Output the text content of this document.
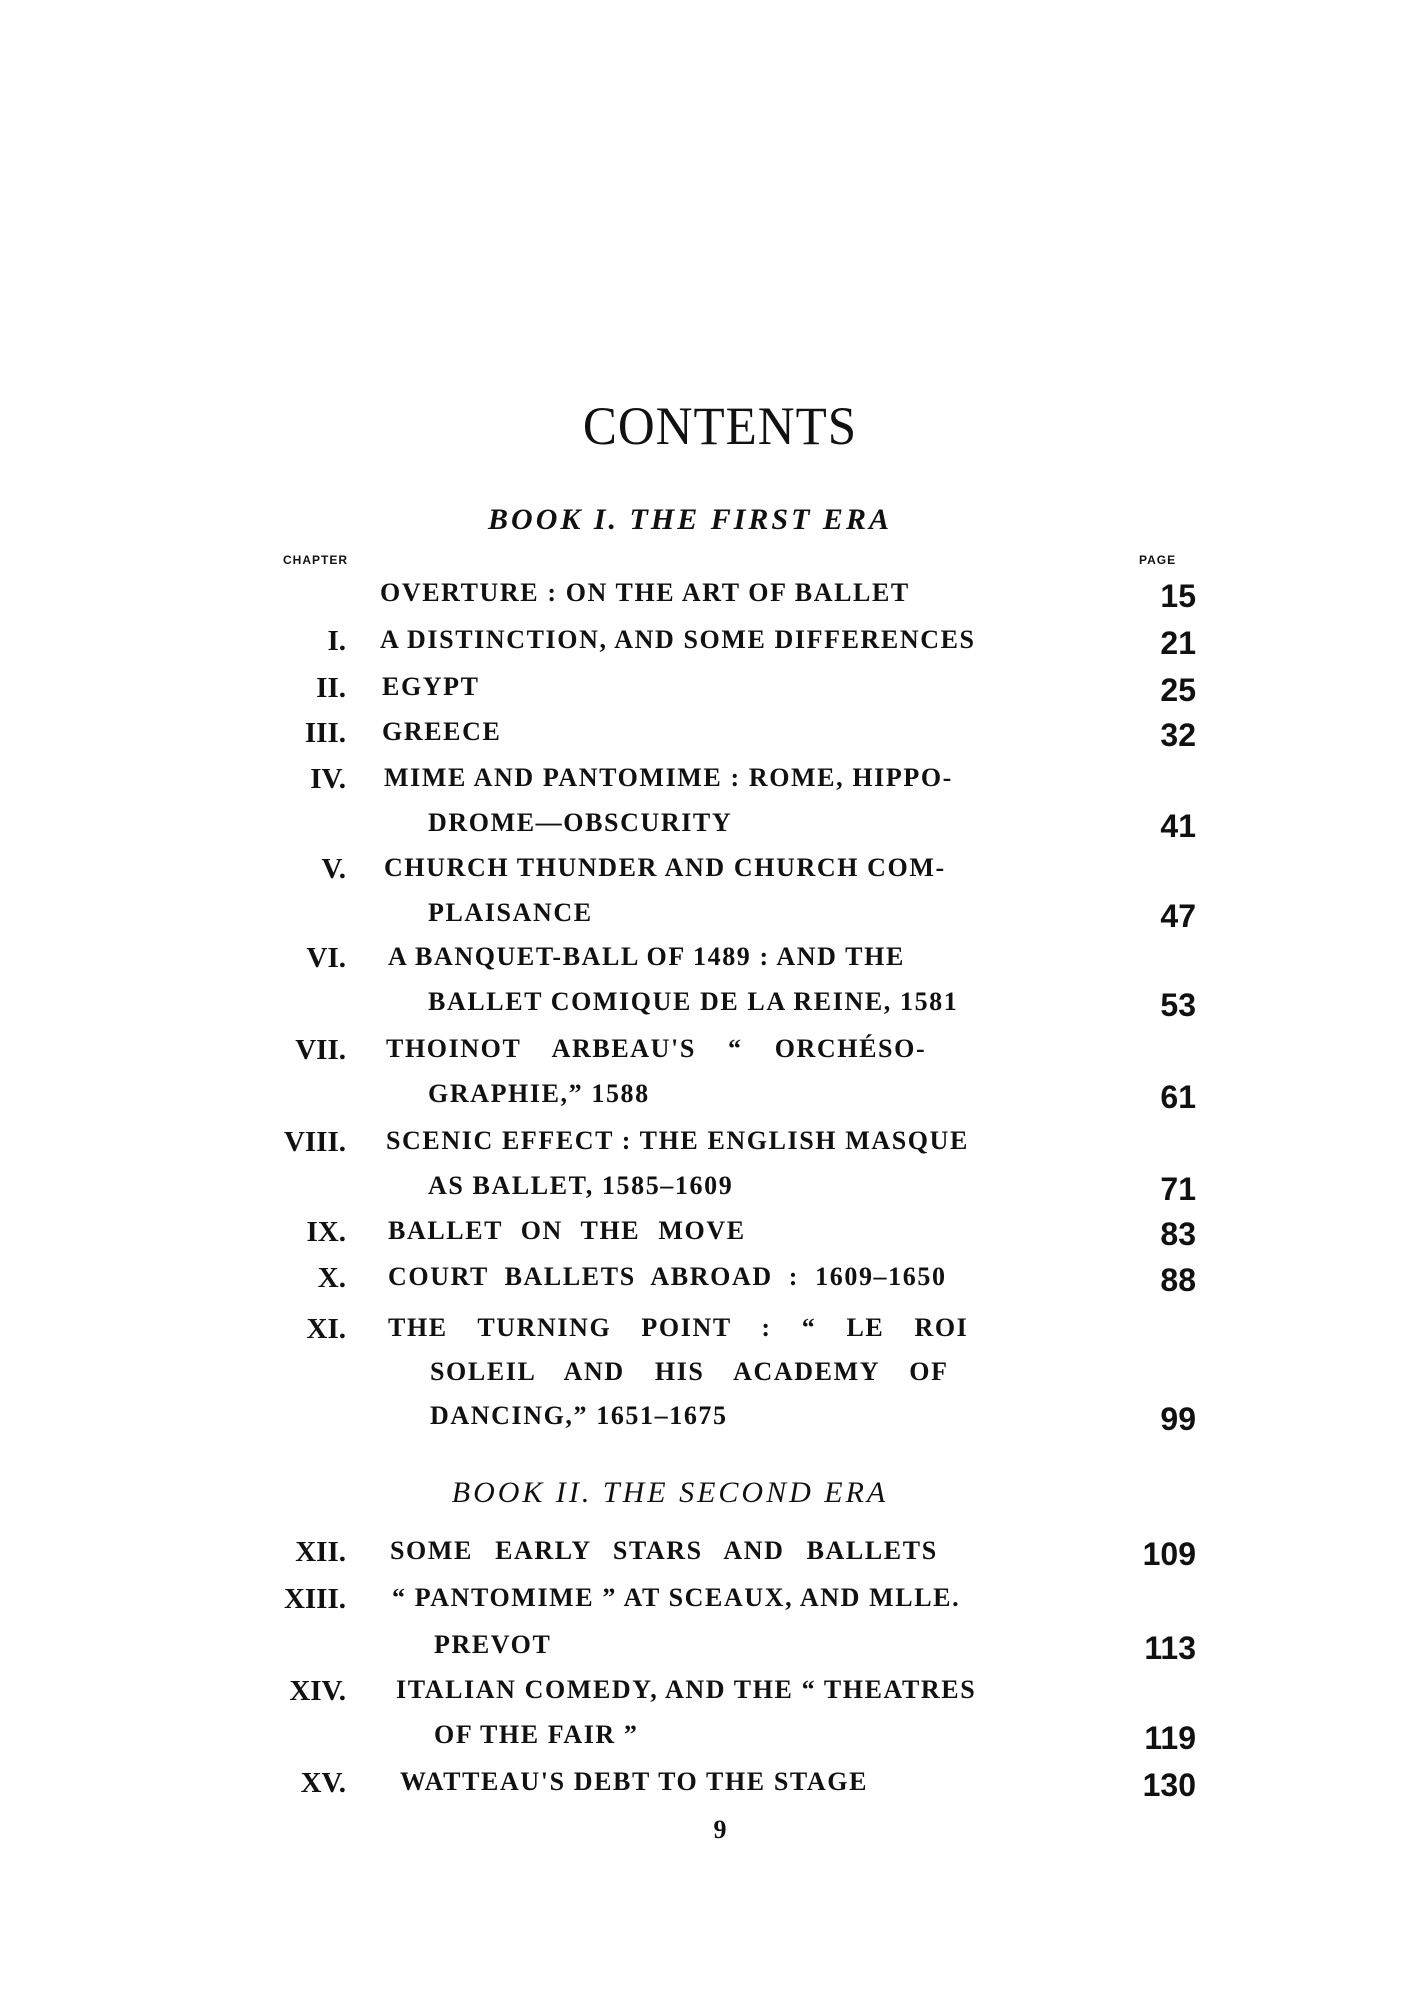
CONTENTS
BOOK I. THE FIRST ERA
CHAPTER	PAGE
OVERTURE : ON THE ART OF BALLET	15
I. A DISTINCTION, AND SOME DIFFERENCES	21
II. EGYPT	25
III. GREECE	32
IV. MIME AND PANTOMIME : ROME, HIPPO-
DROME—OBSCURITY	41
V. CHURCH THUNDER AND CHURCH COM-
PLAISANCE	47
VI. A BANQUET-BALL OF 1489 : AND THE
BALLET COMIQUE DE LA REINE, 1581	53
VII. THOINOT ARBEAU'S “ ORCHÉSO-
GRAPHIE,” 1588	61
VIII. SCENIC EFFECT : THE ENGLISH MASQUE
AS BALLET, 1585–1609	71
IX. BALLET ON THE MOVE	83
X. COURT BALLETS ABROAD : 1609–1650	88
XI. THE TURNING POINT : “ LE ROI
SOLEIL AND HIS ACADEMY OF
DANCING,” 1651–1675	99
BOOK II. THE SECOND ERA
XII. SOME EARLY STARS AND BALLETS	109
XIII. “ PANTOMIME ” AT SCEAUX, AND MLLE.
PREVOT	113
XIV. ITALIAN COMEDY, AND THE “ THEATRES
OF THE FAIR ”	119
XV. WATTEAU'S DEBT TO THE STAGE	130
9
